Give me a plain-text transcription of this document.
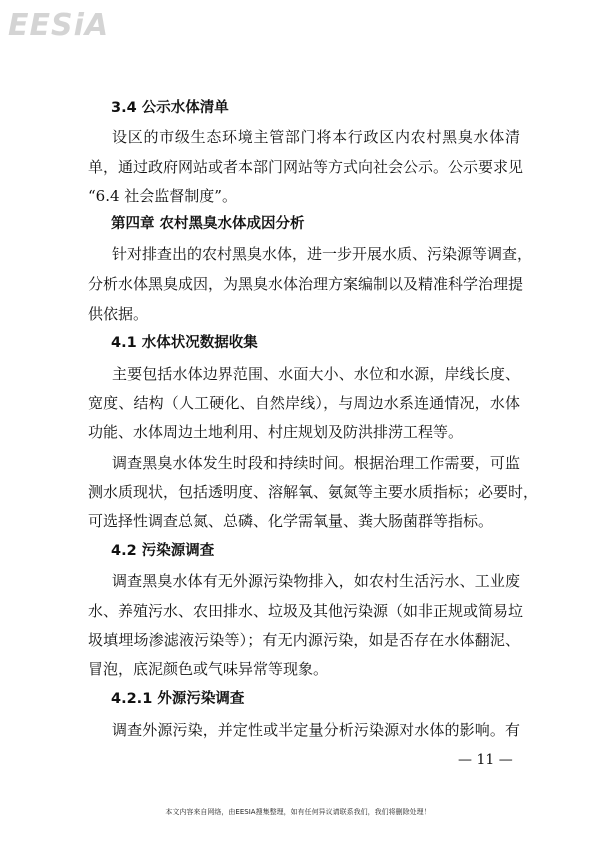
EESiA
3.4 公示水体清单
设区的市级生态环境主管部门将本行政区内农村黑臭水体清
单，通过政府网站或者本部门网站等方式向社会公示。公示要求见
“6.4 社会监督制度”。
第四章 农村黑臭水体成因分析
针对排查出的农村黑臭水体，进一步开展水质、污染源等调查，
分析水体黑臭成因，为黑臭水体治理方案编制以及精准科学治理提
供依据。
4.1 水体状况数据收集
主要包括水体边界范围、水面大小、水位和水源，岸线长度、
宽度、结构（人工硬化、自然岸线），与周边水系连通情况，水体
功能、水体周边土地利用、村庄规划及防洪排涝工程等。
调查黑臭水体发生时段和持续时间。根据治理工作需要，可监
测水质现状，包括透明度、溶解氧、氨氮等主要水质指标；必要时，
可选择性调查总氮、总磷、化学需氧量、粪大肠菌群等指标。
4.2 污染源调查
调查黑臭水体有无外源污染物排入，如农村生活污水、工业废
水、养殖污水、农田排水、垃圾及其他污染源（如非正规或简易垃
圾填埋场渗滤液污染等）；有无内源污染，如是否存在水体翻泥、
冒泡，底泥颜色或气味异常等现象。
4.2.1 外源污染调查
调查外源污染，并定性或半定量分析污染源对水体的影响。有
— 11 —
本文内容来自网络，由EESIA搜集整理，如有任何异议请联系我们，我们将删除处理！
